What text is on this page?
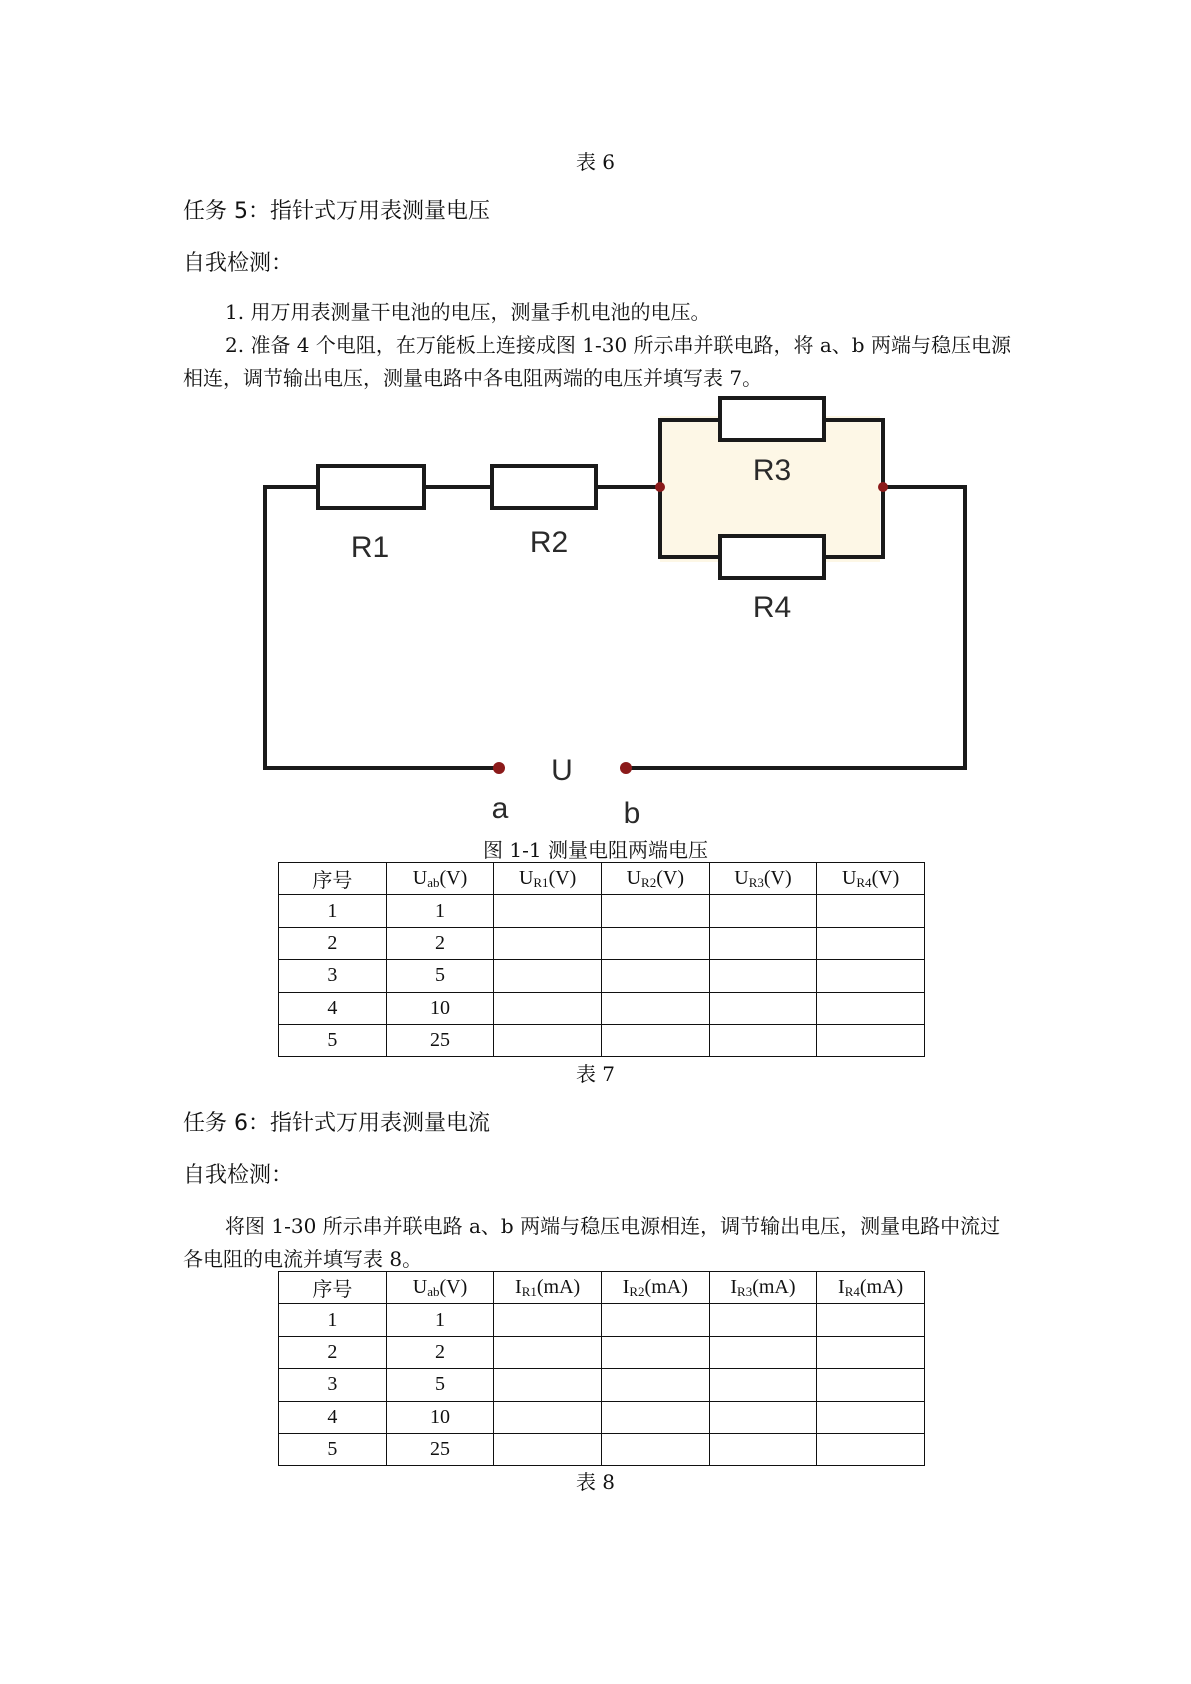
表 6
任务 5：指针式万用表测量电压
自我检测：
1. 用万用表测量干电池的电压，测量手机电池的电压。
2. 准备 4 个电阻，在万能板上连接成图 1-30 所示串并联电路，将 a、b 两端与稳压电源
相连，调节输出电压，测量电路中各电阻两端的电压并填写表 7。
R1	R2
R3
R4
U
a	b
图 1-1 测量电阻两端电压
序号	$U_{ab}(V)$	$U_{R1}(V)$	$U_{R2}(V)$	$U_{R3}(V)$	$U_{R4}(V)$
1	1				
2	2				
3	5				
4	10				
5	25				
表 7
任务 6：指针式万用表测量电流
自我检测：
将图 1-30 所示串并联电路 a、b 两端与稳压电源相连，调节输出电压，测量电路中流过
各电阻的电流并填写表 8。
序号	$U_{ab}(V)$	$I_{R1}(mA)$	$I_{R2}(mA)$	$I_{R3}(mA)$	$I_{R4}(mA)$
1	1				
2	2				
3	5				
4	10				
5	25				
表 8
